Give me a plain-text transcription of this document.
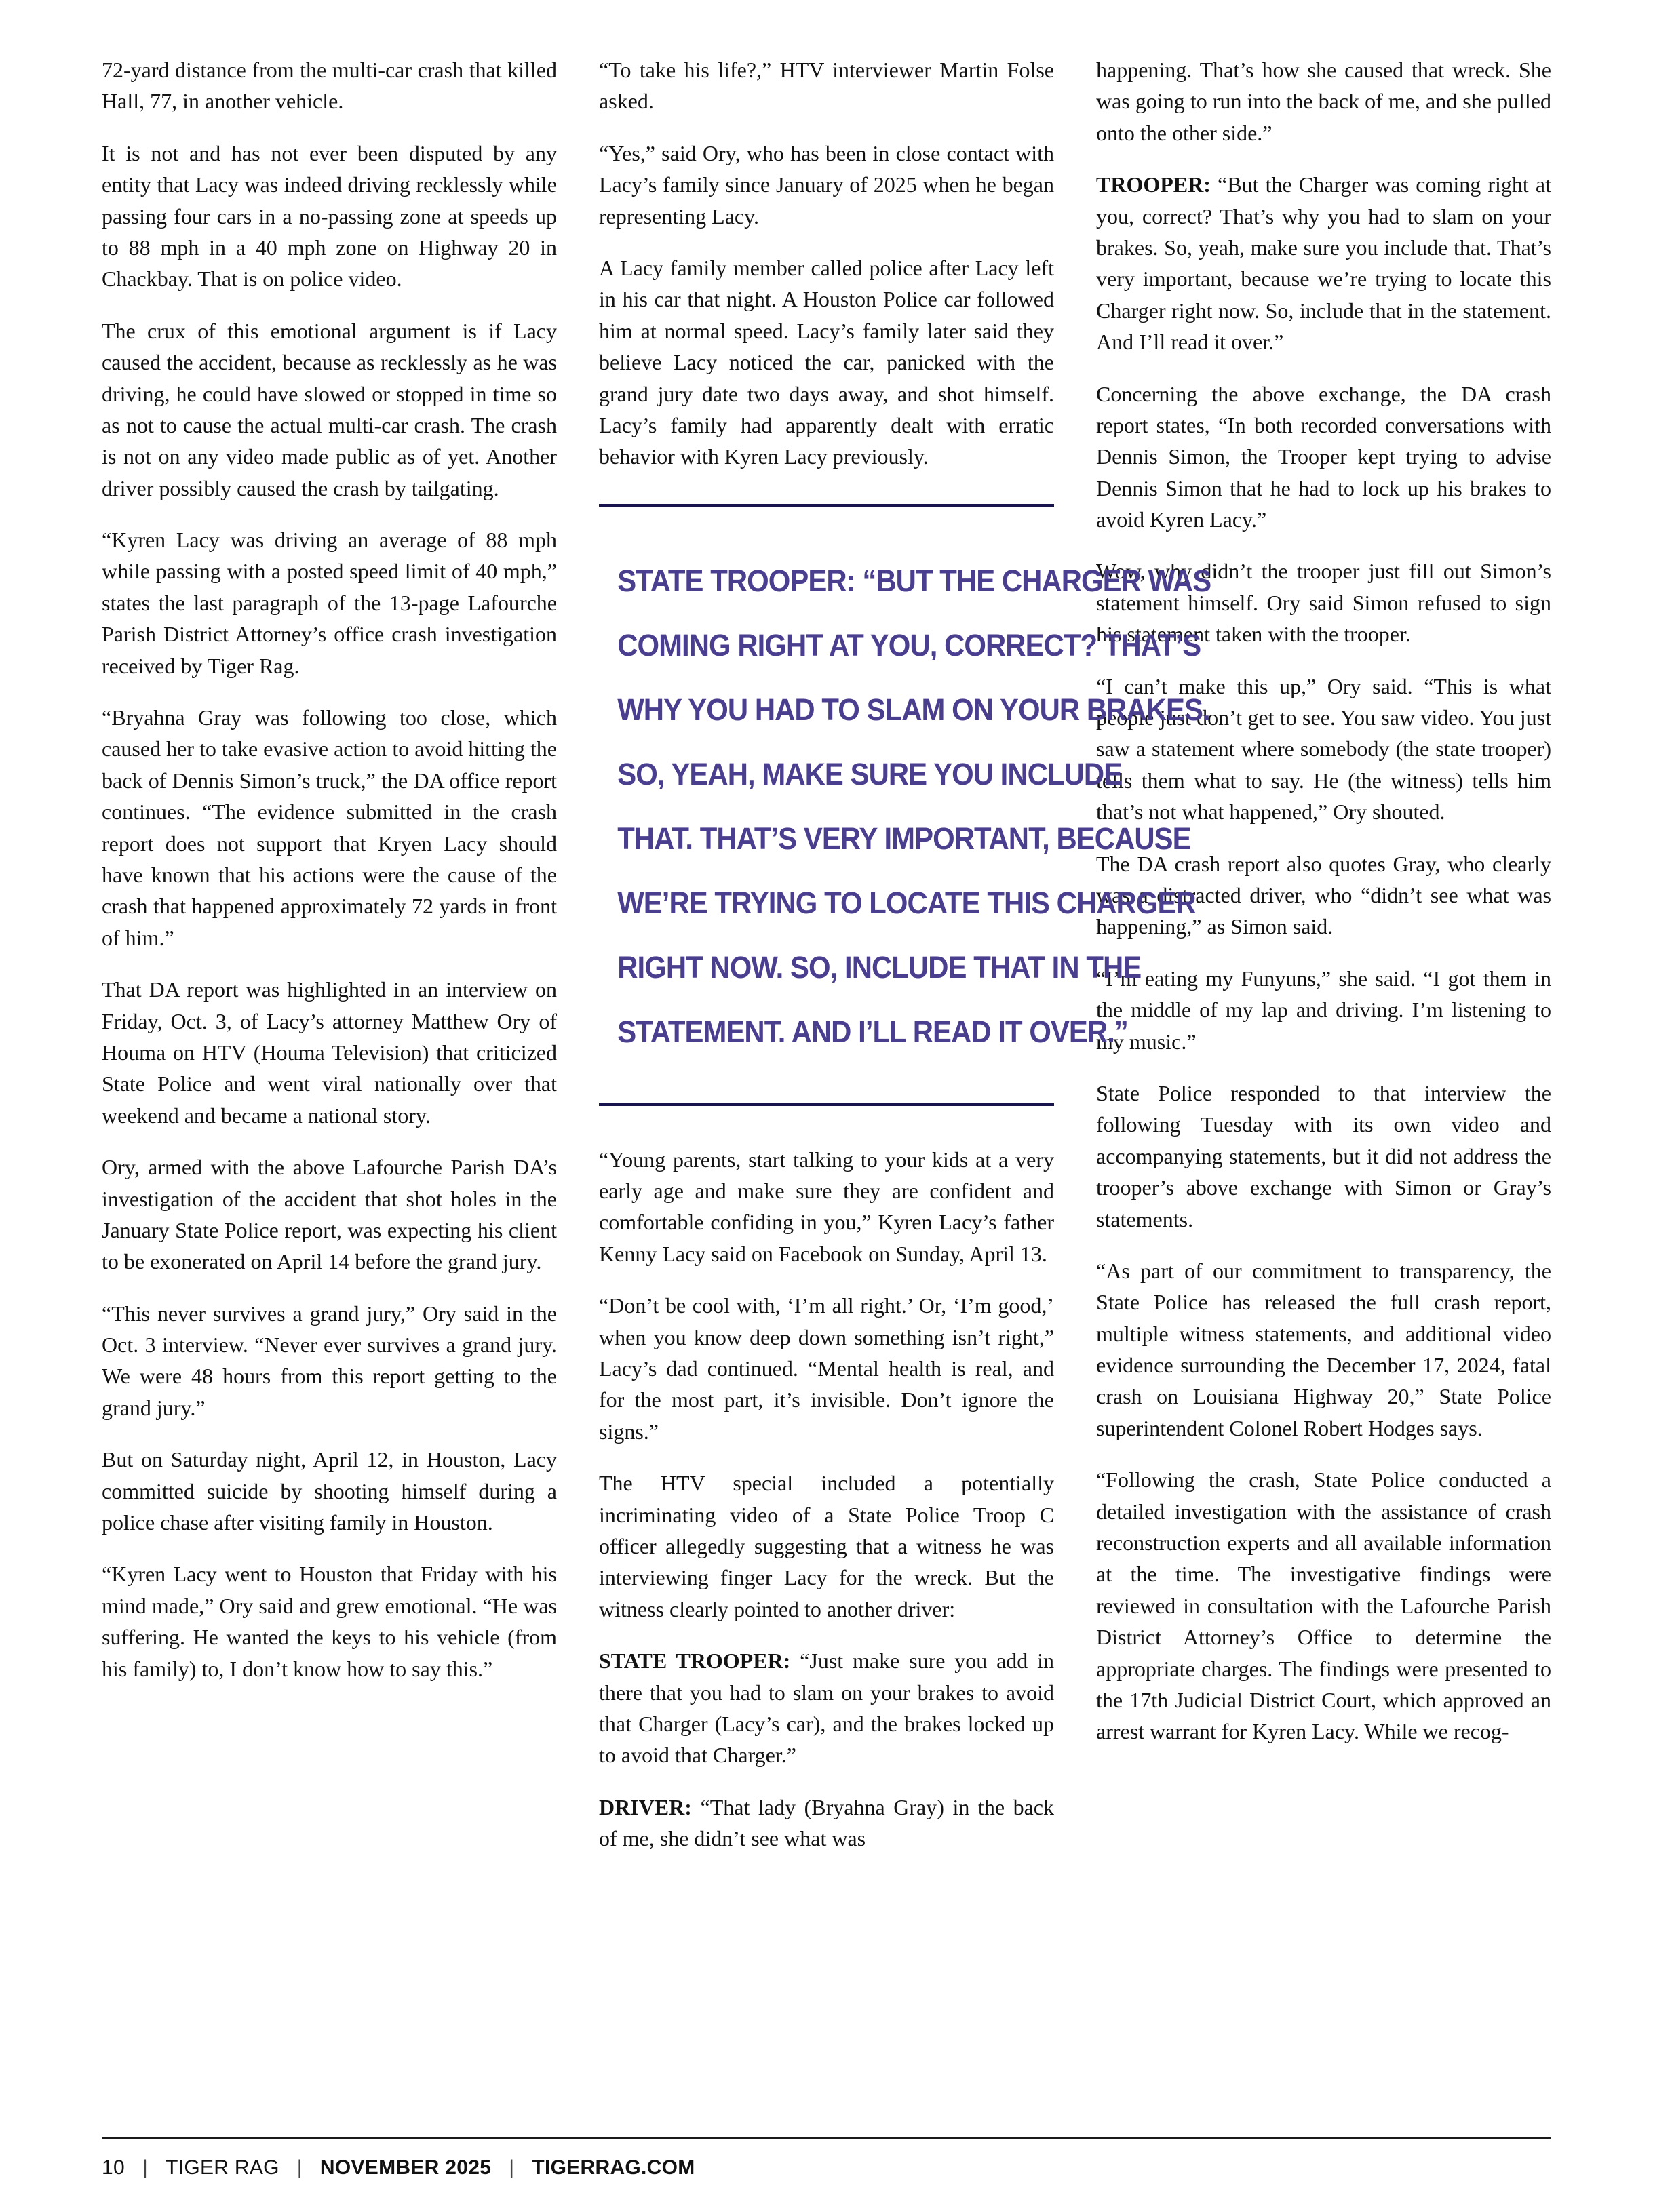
72-yard distance from the multi-car crash that killed Hall, 77, in another vehicle.

It is not and has not ever been disputed by any entity that Lacy was indeed driving recklessly while passing four cars in a no-passing zone at speeds up to 88 mph in a 40 mph zone on Highway 20 in Chackbay. That is on police video.

The crux of this emotional argument is if Lacy caused the accident, because as recklessly as he was driving, he could have slowed or stopped in time so as not to cause the actual multi-car crash. The crash is not on any video made public as of yet. Another driver possibly caused the crash by tailgating.

“Kyren Lacy was driving an average of 88 mph while passing with a posted speed limit of 40 mph,” states the last paragraph of the 13-page Lafourche Parish District Attorney’s office crash investigation received by Tiger Rag.

“Bryahna Gray was following too close, which caused her to take evasive action to avoid hitting the back of Dennis Simon’s truck,” the DA office report continues. “The evidence submitted in the crash report does not support that Kryen Lacy should have known that his actions were the cause of the crash that happened approximately 72 yards in front of him.”

That DA report was highlighted in an interview on Friday, Oct. 3, of Lacy’s attorney Matthew Ory of Houma on HTV (Houma Television) that criticized State Police and went viral nationally over that weekend and became a national story.

Ory, armed with the above Lafourche Parish DA’s investigation of the accident that shot holes in the January State Police report, was expecting his client to be exonerated on April 14 before the grand jury.

“This never survives a grand jury,” Ory said in the Oct. 3 interview. “Never ever survives a grand jury. We were 48 hours from this report getting to the grand jury.”

But on Saturday night, April 12, in Houston, Lacy committed suicide by shooting himself during a police chase after visiting family in Houston.

“Kyren Lacy went to Houston that Friday with his mind made,” Ory said and grew emotional. “He was suffering. He wanted the keys to his vehicle (from his family) to, I don’t know how to say this.”

“To take his life?,” HTV interviewer Martin Folse asked.

“Yes,” said Ory, who has been in close contact with Lacy’s family since January of 2025 when he began representing Lacy.

A Lacy family member called police after Lacy left in his car that night. A Houston Police car followed him at normal speed. Lacy’s family later said they believe Lacy noticed the car, panicked with the grand jury date two days away, and shot himself. Lacy’s family had apparently dealt with erratic behavior with Kyren Lacy previously.

STATE TROOPER: “BUT THE CHARGER WAS
COMING RIGHT AT YOU, CORRECT? THAT’S
WHY YOU HAD TO SLAM ON YOUR BRAKES.
SO, YEAH, MAKE SURE YOU INCLUDE
THAT. THAT’S VERY IMPORTANT, BECAUSE
WE’RE TRYING TO LOCATE THIS CHARGER
RIGHT NOW. SO, INCLUDE THAT IN THE
STATEMENT. AND I’LL READ IT OVER.”

“Young parents, start talking to your kids at a very early age and make sure they are confident and comfortable confiding in you,” Kyren Lacy’s father Kenny Lacy said on Facebook on Sunday, April 13.

“Don’t be cool with, ‘I’m all right.’ Or, ‘I’m good,’ when you know deep down something isn’t right,” Lacy’s dad continued. “Mental health is real, and for the most part, it’s invisible. Don’t ignore the signs.”

The HTV special included a potentially incriminating video of a State Police Troop C officer allegedly suggesting that a witness he was interviewing finger Lacy for the wreck. But the witness clearly pointed to another driver:

STATE TROOPER: “Just make sure you add in there that you had to slam on your brakes to avoid that Charger (Lacy’s car), and the brakes locked up to avoid that Charger.”

DRIVER: “That lady (Bryahna Gray) in the back of me, she didn’t see what was

happening. That’s how she caused that wreck. She was going to run into the back of me, and she pulled onto the other side.”

TROOPER: “But the Charger was coming right at you, correct? That’s why you had to slam on your brakes. So, yeah, make sure you include that. That’s very important, because we’re trying to locate this Charger right now. So, include that in the statement. And I’ll read it over.”

Concerning the above exchange, the DA crash report states, “In both recorded conversations with Dennis Simon, the Trooper kept trying to advise Dennis Simon that he had to lock up his brakes to avoid Kyren Lacy.”

Wow, why didn’t the trooper just fill out Simon’s statement himself. Ory said Simon refused to sign his statement taken with the trooper.

“I can’t make this up,” Ory said. “This is what people just don’t get to see. You saw video. You just saw a statement where somebody (the state trooper) tells them what to say. He (the witness) tells him that’s not what happened,” Ory shouted.

The DA crash report also quotes Gray, who clearly was a distracted driver, who “didn’t see what was happening,” as Simon said.

“I’m eating my Funyuns,” she said. “I got them in the middle of my lap and driving. I’m listening to my music.”

State Police responded to that interview the following Tuesday with its own video and accompanying statements, but it did not address the trooper’s above exchange with Simon or Gray’s statements.

“As part of our commitment to transparency, the State Police has released the full crash report, multiple witness statements, and additional video evidence surrounding the December 17, 2024, fatal crash on Louisiana Highway 20,” State Police superintendent Colonel Robert Hodges says.

“Following the crash, State Police conducted a detailed investigation with the assistance of crash reconstruction experts and all available information at the time. The investigative findings were reviewed in consultation with the Lafourche Parish District Attorney’s Office to determine the appropriate charges. The findings were presented to the 17th Judicial District Court, which approved an arrest warrant for Kyren Lacy. While we recog-

10 | TIGER RAG | NOVEMBER 2025 | TIGERRAG.COM
